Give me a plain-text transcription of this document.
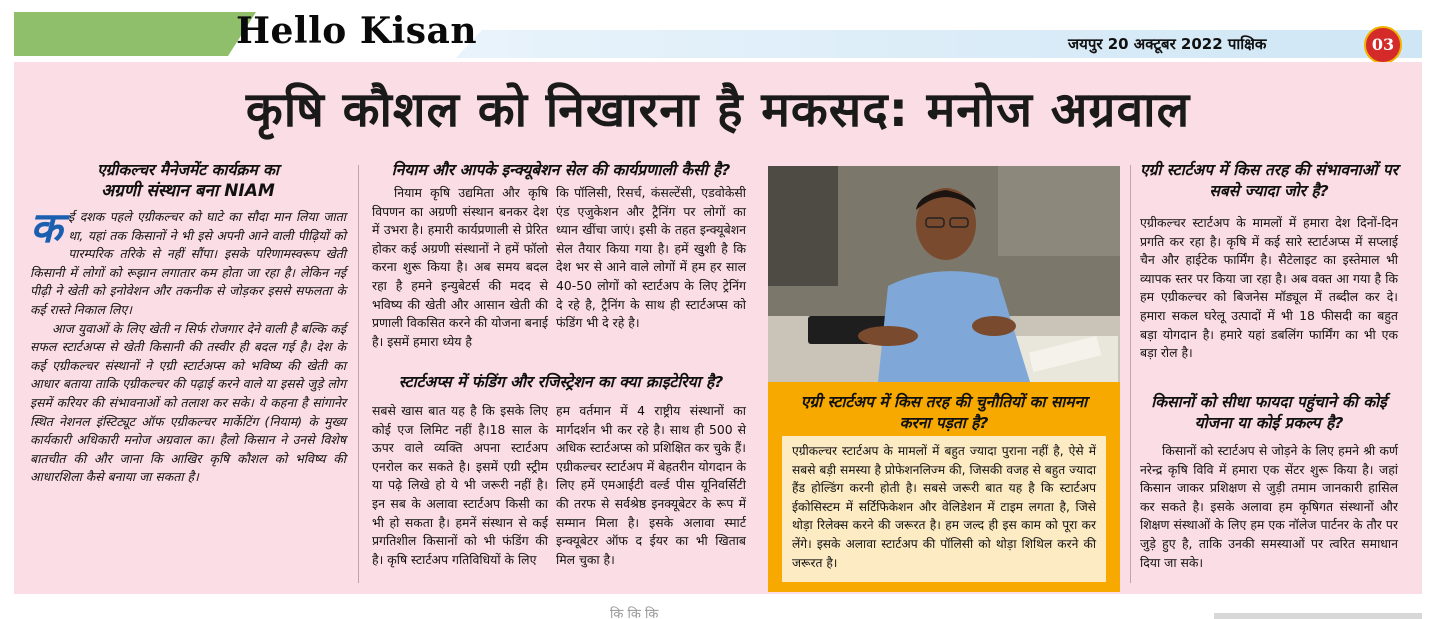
Hello Kisan	जयपुर 20 अक्टूबर 2022 पाक्षिक	03
कृषि कौशल को निखारना है मकसद: मनोज अग्रवाल
एग्रीकल्चर मैनेजमेंट कार्यक्रम का
अग्रणी संस्थान बना NIAM
क ई दशक पहले एग्रीकल्चर को घाटे का सौदा मान लिया जाता था, यहां तक किसानों ने भी इसे अपनी आने वाली पीढ़ियों को पारम्परिक तरिके से नहीं सौंपा। इसके परिणामस्वरूप खेती किसानी में लोगों को रूझान लगातार कम होता जा रहा है। लेकिन नई पीढ़ी ने खेती को इनोवेशन और तकनीक से जोड़कर इससे सफलता के कई रास्ते निकाल लिए।

आज युवाओं के लिए खेती न सिर्फ रोजगार देने वाली है बल्कि कई सफल स्टार्टअप्स से खेती किसानी की तस्वीर ही बदल गई है। देश के कई एग्रीकल्चर संस्थानों ने एग्री स्टार्टअप्स को भविष्य की खेती का आधार बताया ताकि एग्रीकल्चर की पढ़ाई करने वाले या इससे जुड़े लोग इसमें करियर की संभावनाओं को तलाश कर सके। ये कहना है सांगानेर स्थित नेशनल इंस्टिट्यूट ऑफ एग्रीकल्चर मार्केटिंग (नियाम) के मुख्य कार्यकारी अधिकारी मनोज अग्रवाल का। हैलो किसान ने उनसे विशेष बातचीत की और जाना कि आखिर कृषि कौशल को भविष्य की आधारशिला कैसे बनाया जा सकता है।

नियाम और आपके इन्क्यूबेशन सेल की कार्यप्रणाली कैसी है?
नियाम कृषि उद्यमिता और कृषि विपणन का अग्रणी संस्थान बनकर देश में उभरा है। हमारी कार्यप्रणाली से प्रेरित होकर कई अग्रणी संस्थानों ने हमें फॉलो करना शुरू किया है। अब समय बदल रहा है हमने इन्युबेटर्स की मदद से भविष्य की खेती और आसान खेती की प्रणाली विकसित करने की योजना बनाई है। इसमें हमारा ध्येय है
कि पॉलिसी, रिसर्च, कंसल्टेंसी, एडवोकेसी एंड एजुकेशन और ट्रैनिंग पर लोगों का ध्यान खींचा जाएं। इसी के तहत इन्क्यूबेशन सेल तैयार किया गया है। हमें खुशी है कि देश भर से आने वाले लोगों में हम हर साल 40-50 लोगों को स्टार्टअप के लिए ट्रेनिंग दे रहे है, ट्रैनिंग के साथ ही स्टार्टअप्स को फंडिंग भी दे रहे है।
स्टार्टअप्स में फंडिंग और रजिस्ट्रेशन का क्या क्राइटेरिया है?
सबसे खास बात यह है कि इसके लिए कोई एज लिमिट नहीं है।18 साल के ऊपर वाले व्यक्ति अपना स्टार्टअप एनरोल कर सकते है। इसमें एग्री स्ट्रीम या पढ़े लिखे हो ये भी जरूरी नहीं है। इन सब के अलावा स्टार्टअप किसी का भी हो सकता है। हमनें संस्थान से कई प्रगतिशील किसानों को भी फंडिंग की है। कृषि स्टार्टअप गतिविधियों के लिए
हम वर्तमान में 4 राष्ट्रीय संस्थानों का मार्गदर्शन भी कर रहे है। साथ ही 500 से अधिक स्टार्टअप्स को प्रशिक्षित कर चुके हैं। एग्रीकल्चर स्टार्टअप में बेहतरीन योगदान के लिए हमें एमआईटी वर्ल्ड पीस यूनिवर्सिटी की तरफ से सर्वश्रेष्ठ इनक्यूबेटर के रूप में सम्मान मिला है। इसके अलावा स्मार्ट इन्क्यूबेटर ऑफ द ईयर का भी खिताब मिल चुका है।
एग्री स्टार्टअप में किस तरह की चुनौतियों का सामना करना पड़ता है?

एग्रीकल्चर स्टार्टअप के मामलों में बहुत ज्यादा पुराना नहीं है, ऐसे में सबसे बड़ी समस्या है प्रोफेशनलिज्म की, जिसकी वजह से बहुत ज्यादा हैंड होल्डिंग करनी होती है। सबसे जरूरी बात यह है कि स्टार्टअप ईकोसिस्टम में सर्टिफिकेशन और वेलिडेशन में टाइम लगता है, जिसे थोड़ा रिलेक्स करने की जरूरत है। हम जल्द ही इस काम को पूरा कर लेंगे। इसके अलावा स्टार्टअप की पॉलिसी को थोड़ा शिथिल करने की जरूरत है।

एग्री स्टार्टअप में किस तरह की संभावनाओं पर सबसे ज्यादा जोर है?

एग्रीकल्चर स्टार्टअप के मामलों में हमारा देश दिनों-दिन प्रगति कर रहा है। कृषि में कई सारे स्टार्टअप्स में सप्लाई चैन और हाईटेक फार्मिंग है। सैटेलाइट का इस्तेमाल भी व्यापक स्तर पर किया जा रहा है। अब वक्त आ गया है कि हम एग्रीकल्चर को बिजनेस मॉड्यूल में तब्दील कर दे। हमारा सकल घरेलू उत्पादों में भी 18 फीसदी का बहुत बड़ा योगदान है। हमारे यहां डबलिंग फार्मिंग का भी एक बड़ा रोल है।

किसानों को सीधा फायदा पहुंचाने की कोई योजना या कोई प्रकल्प है?

किसानों को स्टार्टअप से जोड़ने के लिए हमने श्री कर्ण नरेन्द्र कृषि विवि में हमारा एक सेंटर शुरू किया है। जहां किसान जाकर प्रशिक्षण से जुड़ी तमाम जानकारी हासिल कर सकते है। इसके अलावा हम कृषिगत संस्थानों और शिक्षण संस्थाओं के लिए हम एक नॉलेज पार्टनर के तौर पर जुड़े हुए है, ताकि उनकी समस्याओं पर त्वरित समाधान दिया जा सके।

कि कि कि
